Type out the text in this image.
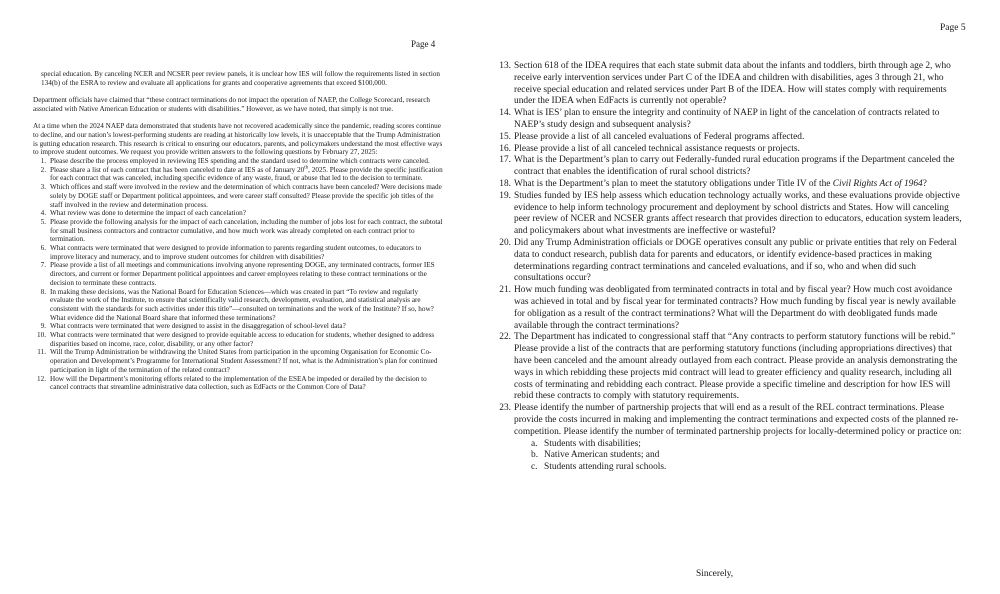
Page 4

special education. By canceling NCER and NCSER peer review panels, it is unclear how IES will follow the requirements listed in section 134(b) of the ESRA to review and evaluate all applications for grants and cooperative agreements that exceed $100,000.

Department officials have claimed that “these contract terminations do not impact the operation of NAEP, the College Scorecard, research associated with Native American Education or students with disabilities.” However, as we have noted, that simply is not true.

At a time when the 2024 NAEP data demonstrated that students have not recovered academically since the pandemic, reading scores continue to decline, and our nation’s lowest-performing students are reading at historically low levels, it is unacceptable that the Trump Administration is gutting education research. This research is critical to ensuring our educators, parents, and policymakers understand the most effective ways to improve student outcomes. We request you provide written answers to the following questions by February 27, 2025:

1. Please describe the process employed in reviewing IES spending and the standard used to determine which contracts were canceled.
2. Please share a list of each contract that has been canceled to date at IES as of January 20th, 2025. Please provide the specific justification for each contract that was canceled, including specific evidence of any waste, fraud, or abuse that led to the decision to terminate.
3. Which offices and staff were involved in the review and the determination of which contracts have been canceled? Were decisions made solely by DOGE staff or Department political appointees, and were career staff consulted? Please provide the specific job titles of the staff involved in the review and determination process.
4. What review was done to determine the impact of each cancelation?
5. Please provide the following analysis for the impact of each cancelation, including the number of jobs lost for each contract, the subtotal for small business contractors and contractor cumulative, and how much work was already completed on each contract prior to termination.
6. What contracts were terminated that were designed to provide information to parents regarding student outcomes, to educators to improve literacy and numeracy, and to improve student outcomes for children with disabilities?
7. Please provide a list of all meetings and communications involving anyone representing DOGE, any terminated contracts, former IES directors, and current or former Department political appointees and career employees relating to these contract terminations or the decision to terminate these contracts.
8. In making these decisions, was the National Board for Education Sciences—which was created in part “To review and regularly evaluate the work of the Institute, to ensure that scientifically valid research, development, evaluation, and statistical analysis are consistent with the standards for such activities under this title”—consulted on terminations and the work of the Institute? If so, how? What evidence did the National Board share that informed these terminations?
9. What contracts were terminated that were designed to assist in the disaggregation of school-level data?
10. What contracts were terminated that were designed to provide equitable access to education for students, whether designed to address disparities based on income, race, color, disability, or any other factor?
11. Will the Trump Administration be withdrawing the United States from participation in the upcoming Organisation for Economic Co-operation and Development’s Programme for International Student Assessment? If not, what is the Administration’s plan for continued participation in light of the termination of the related contract?
12. How will the Department’s monitoring efforts related to the implementation of the ESEA be impeded or derailed by the decision to cancel contracts that streamline administrative data collection, such as EdFacts or the Common Core of Data?
Page 5
13. Section 618 of the IDEA requires that each state submit data about the infants and toddlers, birth through age 2, who receive early intervention services under Part C of the IDEA and children with disabilities, ages 3 through 21, who receive special education and related services under Part B of the IDEA. How will states comply with requirements under the IDEA when EdFacts is currently not operable?
14. What is IES’ plan to ensure the integrity and continuity of NAEP in light of the cancelation of contracts related to NAEP’s study design and subsequent analysis?
15. Please provide a list of all canceled evaluations of Federal programs affected.
16. Please provide a list of all canceled technical assistance requests or projects.
17. What is the Department’s plan to carry out Federally-funded rural education programs if the Department canceled the contract that enables the identification of rural school districts?
18. What is the Department’s plan to meet the statutory obligations under Title IV of the Civil Rights Act of 1964?
19. Studies funded by IES help assess which education technology actually works, and these evaluations provide objective evidence to help inform technology procurement and deployment by school districts and States. How will canceling peer review of NCER and NCSER grants affect research that provides direction to educators, education system leaders, and policymakers about what investments are ineffective or wasteful?
20. Did any Trump Administration officials or DOGE operatives consult any public or private entities that rely on Federal data to conduct research, publish data for parents and educators, or identify evidence-based practices in making determinations regarding contract terminations and canceled evaluations, and if so, who and when did such consultations occur?
21. How much funding was deobligated from terminated contracts in total and by fiscal year? How much cost avoidance was achieved in total and by fiscal year for terminated contracts? How much funding by fiscal year is newly available for obligation as a result of the contract terminations? What will the Department do with deobligated funds made available through the contract terminations?
22. The Department has indicated to congressional staff that “Any contracts to perform statutory functions will be rebid.” Please provide a list of the contracts that are performing statutory functions (including appropriations directives) that have been canceled and the amount already outlayed from each contract. Please provide an analysis demonstrating the ways in which rebidding these projects mid contract will lead to greater efficiency and quality research, including all costs of terminating and rebidding each contract. Please provide a specific timeline and description for how IES will rebid these contracts to comply with statutory requirements.
23. Please identify the number of partnership projects that will end as a result of the REL contract terminations. Please provide the costs incurred in making and implementing the contract terminations and expected costs of the planned re-competition. Please identify the number of terminated partnership projects for locally-determined policy or practice on:
a. Students with disabilities;
b. Native American students; and
c. Students attending rural schools.
Sincerely,
